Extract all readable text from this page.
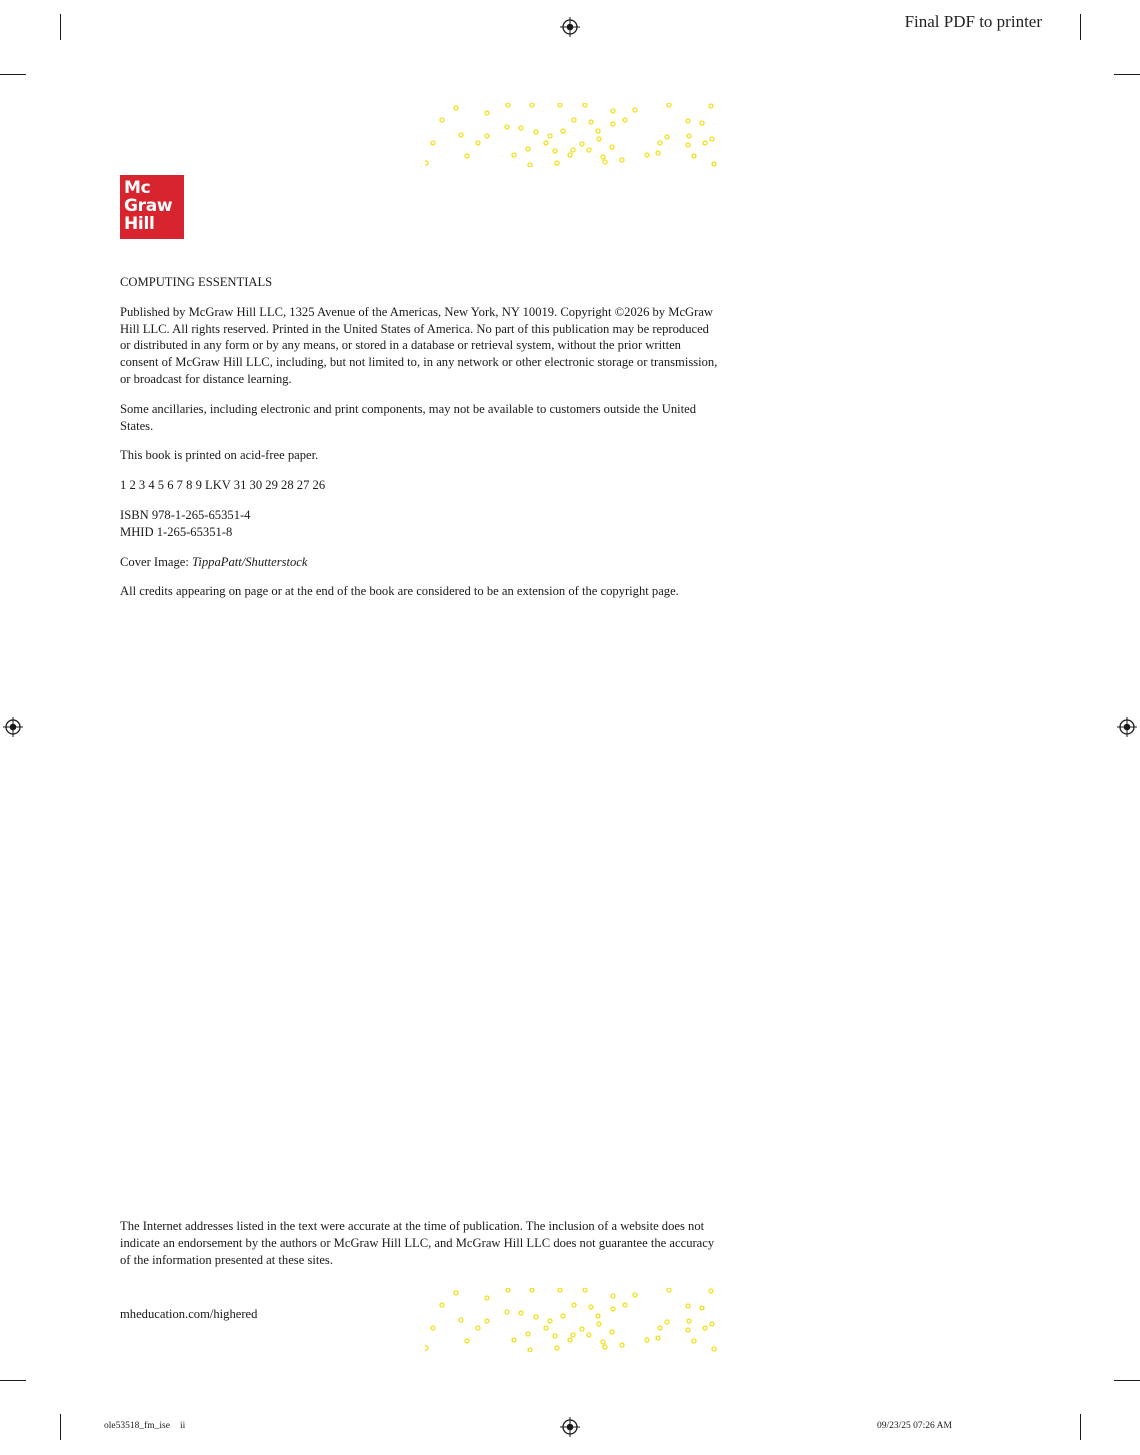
Final PDF to printer
Mc
Graw
Hill

COMPUTING ESSENTIALS

Published by McGraw Hill LLC, 1325 Avenue of the Americas, New York, NY 10019. Copyright ©2026 by McGraw Hill LLC. All rights reserved. Printed in the United States of America. No part of this publication may be reproduced or distributed in any form or by any means, or stored in a database or retrieval system, without the prior written consent of McGraw Hill LLC, including, but not limited to, in any network or other electronic storage or transmission, or broadcast for distance learning.

Some ancillaries, including electronic and print components, may not be available to customers outside the United States.

This book is printed on acid-free paper.

1 2 3 4 5 6 7 8 9 LKV 31 30 29 28 27 26

ISBN 978-1-265-65351-4

MHID 1-265-65351-8

Cover Image: TippaPatt/Shutterstock

All credits appearing on page or at the end of the book are considered to be an extension of the copyright page.

The Internet addresses listed in the text were accurate at the time of publication. The inclusion of a website does not indicate an endorsement by the authors or McGraw Hill LLC, and McGraw Hill LLC does not guarantee the accuracy of the information presented at these sites.

mheducation.com/highered
ole53518_fm_ise ii	09/23/25 07:26 AM
